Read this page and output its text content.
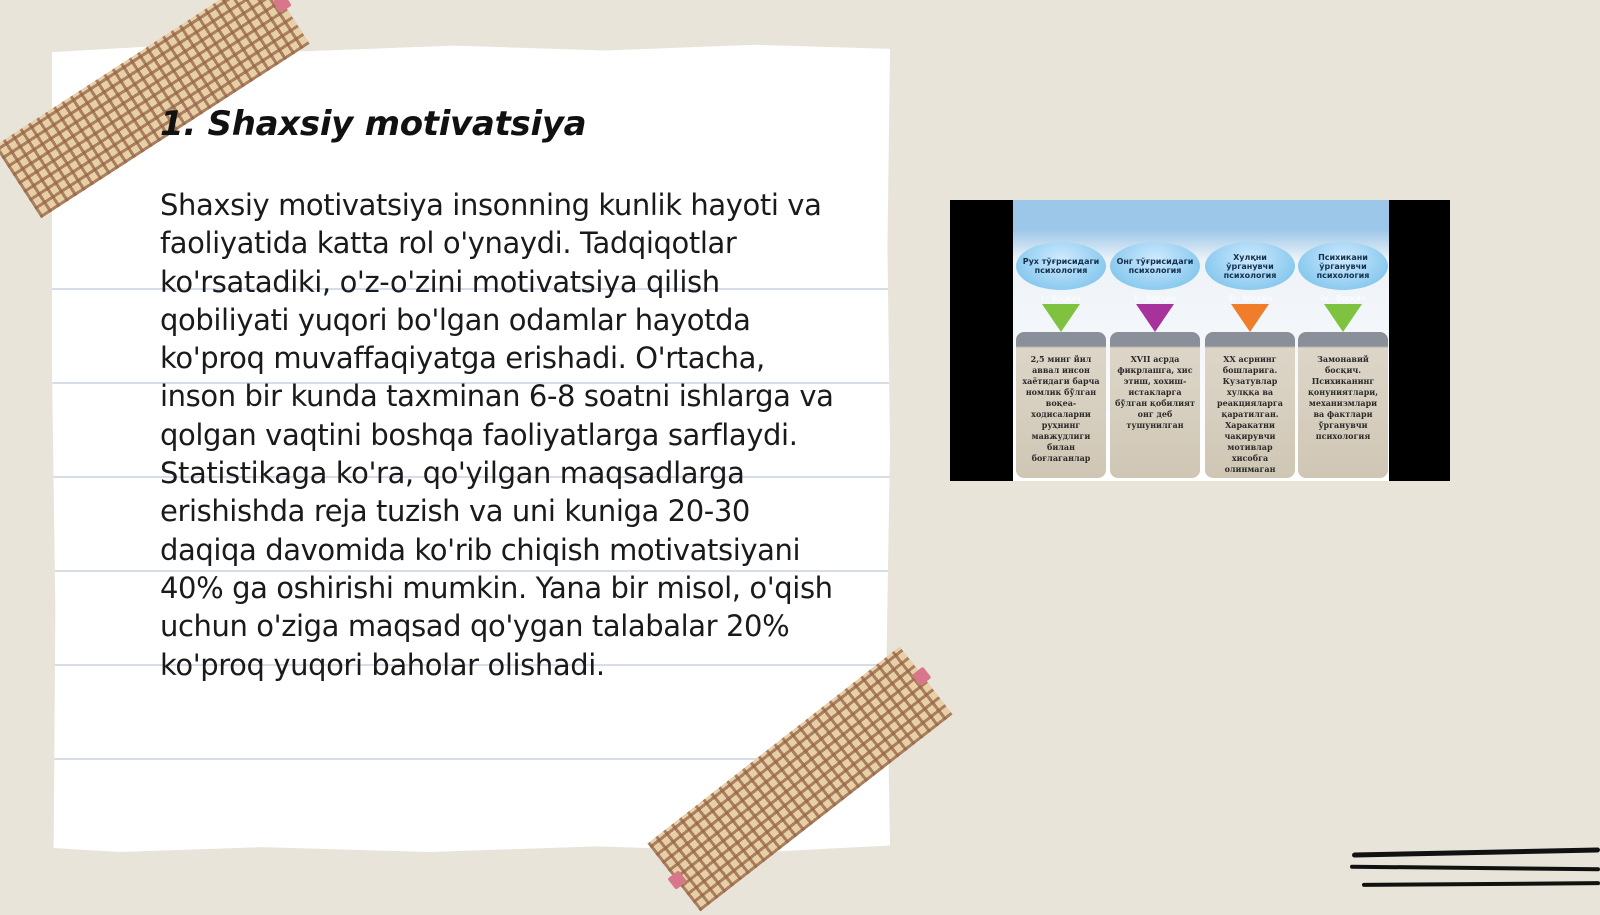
1. Shaxsiy motivatsiya

Shaxsiy motivatsiya insonning kunlik hayoti va faoliyatida katta rol o'ynaydi. Tadqiqotlar ko'rsatadiki, o'z-o'zini motivatsiya qilish qobiliyati yuqori bo'lgan odamlar hayotda ko'proq muvaffaqiyatga erishadi. O'rtacha, inson bir kunda taxminan 6-8 soatni ishlarga va qolgan vaqtini boshqa faoliyatlarga sarflaydi. Statistikaga ko'ra, qo'yilgan maqsadlarga erishishda reja tuzish va uni kuniga 20-30 daqiqa davomida ko'rib chiqish motivatsiyani 40% ga oshirishi mumkin. Yana bir misol, o'qish uchun o'ziga maqsad qo'ygan talabalar 20% ko'proq yuqori baholar olishadi.

Рух тўғрисидаги психология
I - босқич
2,5 минг йил аввал инсон хаётидаги барча номлик бўлган воқеа-ходисаларни руҳнинг мавжудлиги билан боғлаганлар
Онг тўғрисидаги психология
II - босқич
XVII асрда фикрлашга, хис этиш, хохиш-истакларга бўлган қобилият онг деб тушунилган
Хулқни ўрганувчи психология
III - босқич
XX асрнинг бошларига. Кузатувлар хулққа ва реакцияларга қаратилган. Харакатни чақирувчи мотивлар хисобга олинмаган
Психикани ўрганувчи психология
IV - босқич
Замонавий босқич. Психиканинг қонуниятлари, механизмлари ва фактлари ўрганувчи психология
